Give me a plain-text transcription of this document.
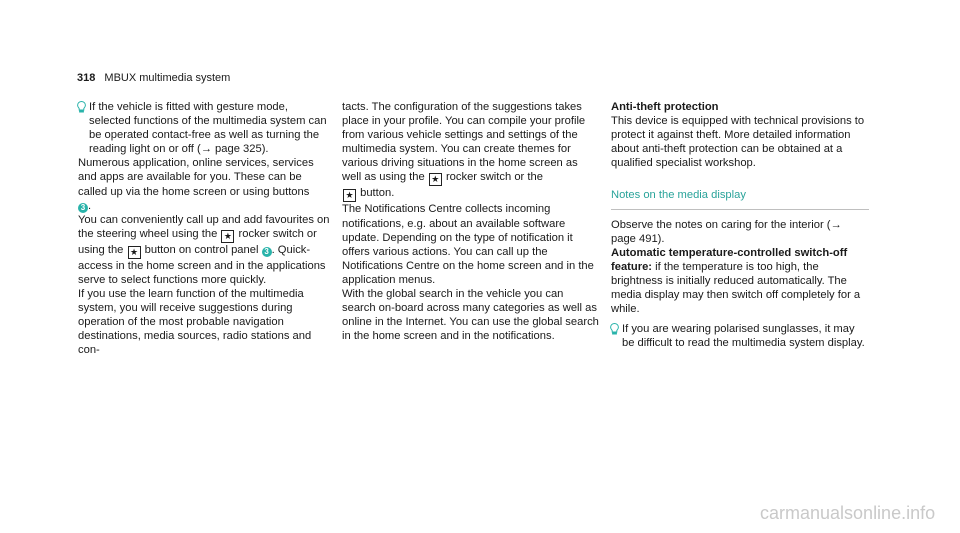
318 MBUX multimedia system

If the vehicle is fitted with gesture mode, selected functions of the multimedia system can be operated contact-free as well as turning the reading light on or off (→ page 325).

Numerous application, online services, services and apps are available for you. These can be called up via the home screen or using buttons
3 .
You can conveniently call up and add favourites on the steering wheel using the ★ rocker switch or using the ★ button on control panel 3 . Quick-access in the home screen and in the applications serve to select functions more quickly.
If you use the learn function of the multimedia system, you will receive suggestions during operation of the most probable navigation destinations, media sources, radio stations and con-

tacts. The configuration of the suggestions takes place in your profile. You can compile your profile from various vehicle settings and settings of the multimedia system. You can create themes for various driving situations in the home screen as well as using the ★ rocker switch or the
★ button.
The Notifications Centre collects incoming notifications, e.g. about an available software update. Depending on the type of notification it offers various actions. You can call up the Notifications Centre on the home screen and in the application menus.
With the global search in the vehicle you can search on-board across many categories as well as online in the Internet. You can use the global search in the home screen and in the notifications.

Anti-theft protection
This device is equipped with technical provisions to protect it against theft. More detailed information about anti-theft protection can be obtained at a qualified specialist workshop.

Notes on the media display

Observe the notes on caring for the interior (→ page 491).
Automatic temperature-controlled switch-off feature: if the temperature is too high, the brightness is initially reduced automatically. The media display may then switch off completely for a while.

If you are wearing polarised sunglasses, it may be difficult to read the multimedia system display.

carmanualsonline.info
